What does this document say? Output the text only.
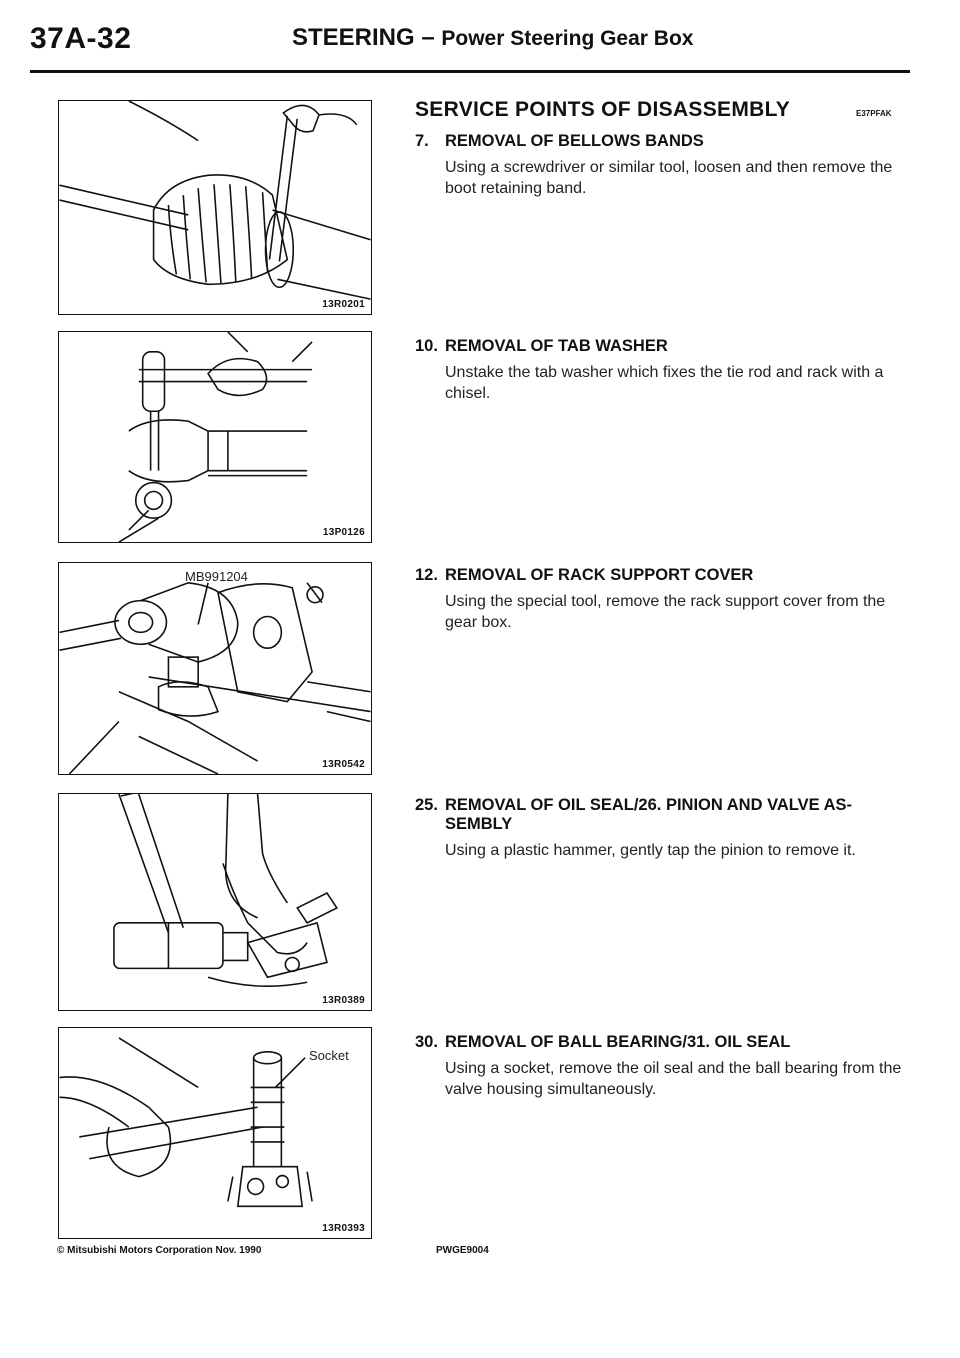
37A-32	STEERING – Power Steering Gear Box
13R0201
13P0126
MB991204
13R0542
13R0389
Socket
13R0393
SERVICE POINTS OF DISASSEMBLY	E37PFAK
7. REMOVAL OF BELLOWS BANDS
Using a screwdriver or similar tool, loosen and then remove the boot retaining band.
10. REMOVAL OF TAB WASHER
Unstake the tab washer which fixes the tie rod and rack with a chisel.
12. REMOVAL OF RACK SUPPORT COVER
Using the special tool, remove the rack support cover from the gear box.
25. REMOVAL OF OIL SEAL/26. PINION AND VALVE AS-SEMBLY
Using a plastic hammer, gently tap the pinion to remove it.
30. REMOVAL OF BALL BEARING/31. OIL SEAL
Using a socket, remove the oil seal and the ball bearing from the valve housing simultaneously.
© Mitsubishi Motors Corporation Nov. 1990	PWGE9004
